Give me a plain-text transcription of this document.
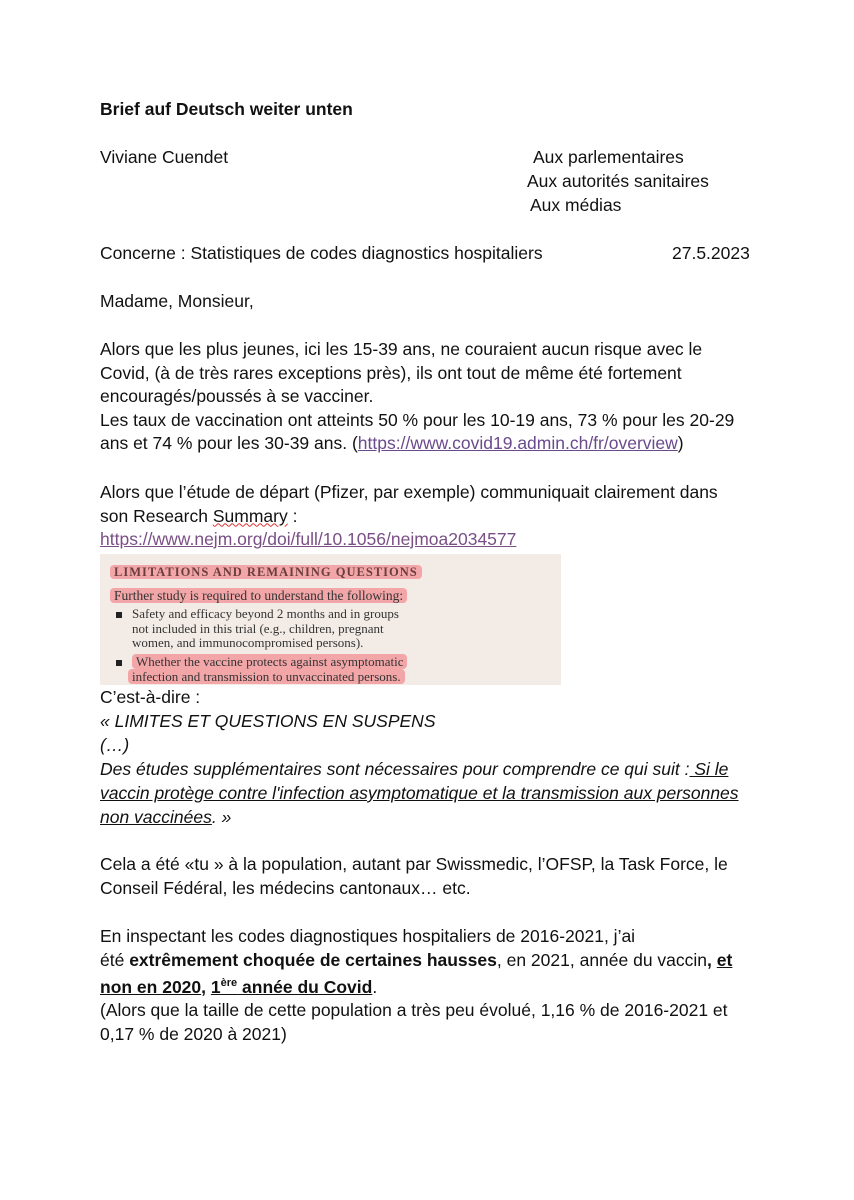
Brief auf Deutsch weiter unten
Viviane Cuendet	Aux parlementaires
Aux autorités sanitaires
Aux médias
Concerne : Statistiques de codes diagnostics hospitaliers	27.5.2023
Madame, Monsieur,
Alors que les plus jeunes, ici les 15-39 ans, ne couraient aucun risque avec le
Covid, (à de très rares exceptions près), ils ont tout de même été fortement
encouragés/poussés à se vacciner.
Les taux de vaccination ont atteints 50 % pour les 10-19 ans, 73 % pour les 20-29
ans et 74 % pour les 30-39 ans. (https://www.covid19.admin.ch/fr/overview)
Alors que l’étude de départ (Pfizer, par exemple) communiquait clairement dans
son Research Summary :
https://www.nejm.org/doi/full/10.1056/nejmoa2034577
LIMITATIONS AND REMAINING QUESTIONS
Further study is required to understand the following:
Safety and efficacy beyond 2 months and in groups
not included in this trial (e.g., children, pregnant
women, and immunocompromised persons).
Whether the vaccine protects against asymptomatic
infection and transmission to unvaccinated persons.
C’est-à-dire :
« LIMITES ET QUESTIONS EN SUSPENS
(…)
Des études supplémentaires sont nécessaires pour comprendre ce qui suit : Si le
vaccin protège contre l'infection asymptomatique et la transmission aux personnes
non vaccinées. »
Cela a été «tu » à la population, autant par Swissmedic, l’OFSP, la Task Force, le
Conseil Fédéral, les médecins cantonaux… etc.
En inspectant les codes diagnostiques hospitaliers de 2016-2021, j’ai
été extrêmement choquée de certaines hausses, en 2021, année du vaccin, et
non en 2020, 1ère année du Covid.
(Alors que la taille de cette population a très peu évolué, 1,16 % de 2016-2021 et
0,17 % de 2020 à 2021)
